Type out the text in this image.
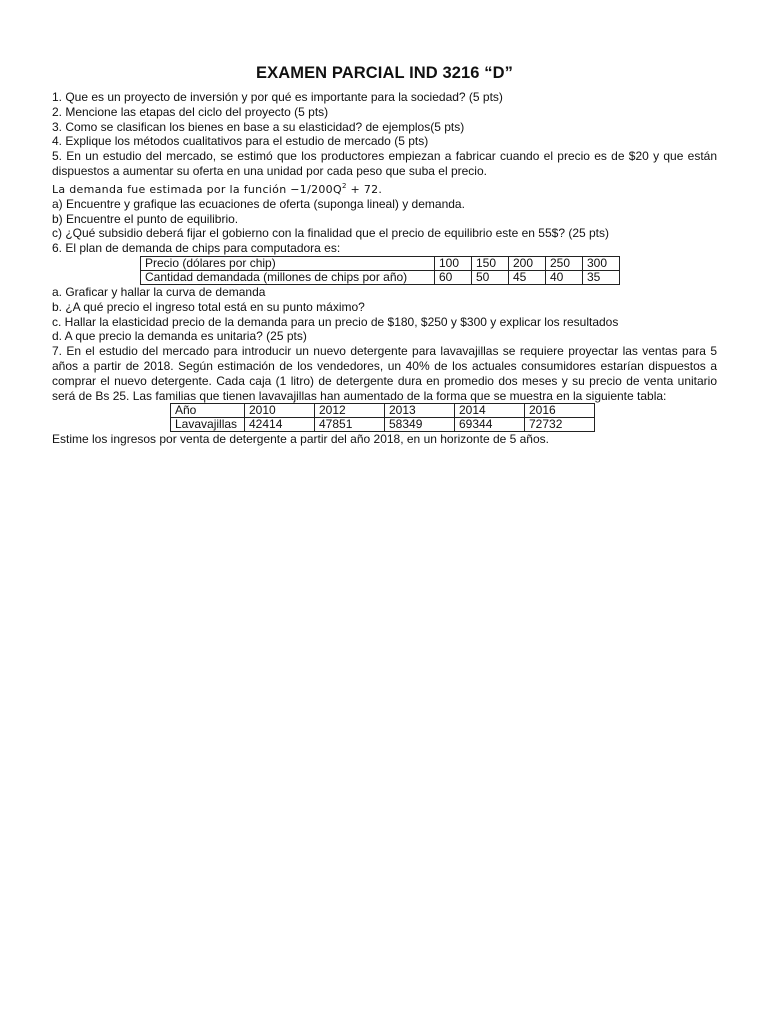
EXAMEN PARCIAL IND 3216 “D”
1. Que es un proyecto de inversión y por qué es importante para la sociedad? (5 pts)
2. Mencione las etapas del ciclo del proyecto (5 pts)
3. Como se clasifican los bienes en base a su elasticidad? de ejemplos(5 pts)
4. Explique los métodos cualitativos para el estudio de mercado (5 pts)

5. En un estudio del mercado, se estimó que los productores empiezan a fabricar cuando el precio es de $20 y que están dispuestos a aumentar su oferta en una unidad por cada peso que suba el precio.

La demanda fue estimada por la función $-1/200Q^2 + 72$.
a) Encuentre y grafique las ecuaciones de oferta (suponga lineal) y demanda.
b) Encuentre el punto de equilibrio.
c) ¿Qué subsidio deberá fijar el gobierno con la finalidad que el precio de equilibrio este en 55$? (25 pts)
6. El plan de demanda de chips para computadora es:
Precio (dólares por chip)	100	150	200	250	300
Cantidad demandada (millones de chips por año)	60	50	45	40	35
a. Graficar y hallar la curva de demanda
b. ¿A qué precio el ingreso total está en su punto máximo?
c. Hallar la elasticidad precio de la demanda para un precio de $180, $250 y $300 y explicar los resultados
d. A que precio la demanda es unitaria? (25 pts)

7. En el estudio del mercado para introducir un nuevo detergente para lavavajillas se requiere proyectar las ventas para 5 años a partir de 2018. Según estimación de los vendedores, un 40% de los actuales consumidores estarían dispuestos a comprar el nuevo detergente. Cada caja (1 litro) de detergente dura en promedio dos meses y su precio de venta unitario será de Bs 25. Las familias que tienen lavavajillas han aumentado de la forma que se muestra en la siguiente tabla:

Año	2010	2012	2013	2014	2016
Lavavajillas	42414	47851	58349	69344	72732
Estime los ingresos por venta de detergente a partir del año 2018, en un horizonte de 5 años.
